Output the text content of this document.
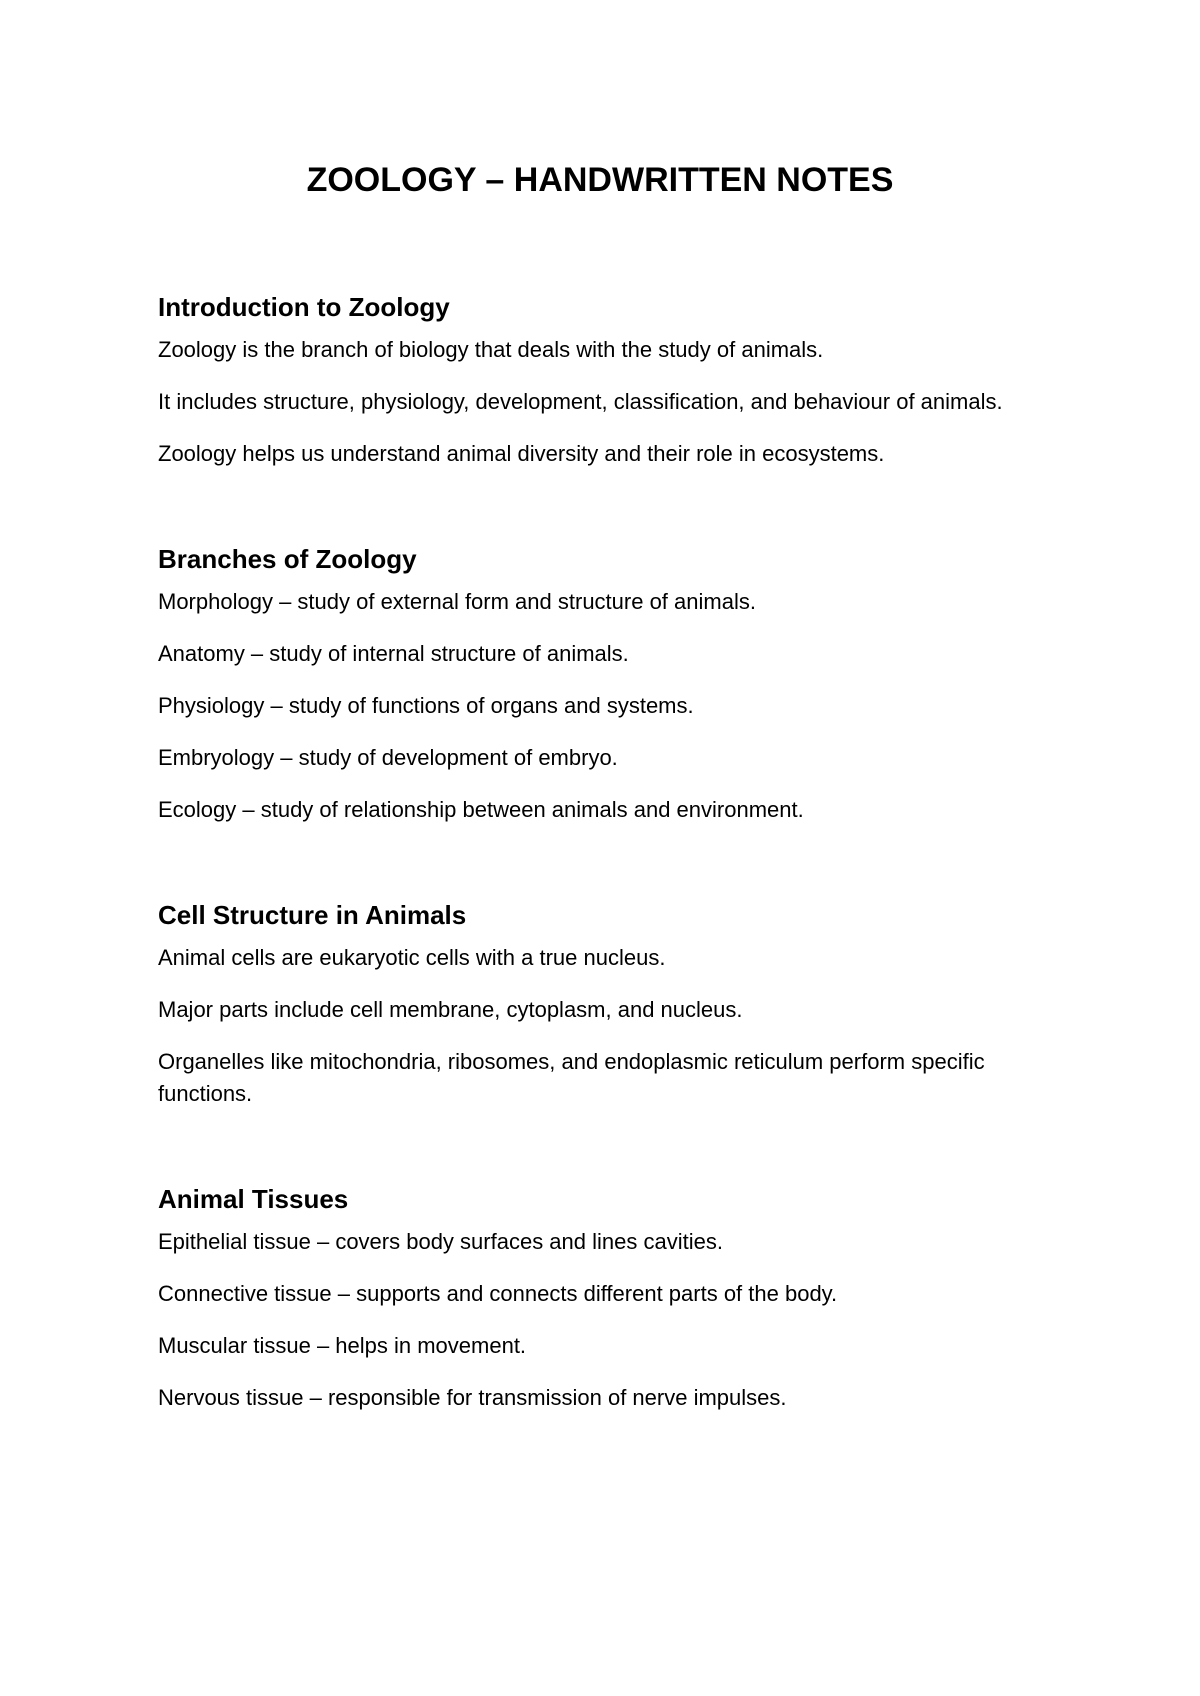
ZOOLOGY – HANDWRITTEN NOTES
Introduction to Zoology

Zoology is the branch of biology that deals with the study of animals.

It includes structure, physiology, development, classification, and behaviour of animals.

Zoology helps us understand animal diversity and their role in ecosystems.

Branches of Zoology

Morphology – study of external form and structure of animals.

Anatomy – study of internal structure of animals.

Physiology – study of functions of organs and systems.

Embryology – study of development of embryo.

Ecology – study of relationship between animals and environment.

Cell Structure in Animals

Animal cells are eukaryotic cells with a true nucleus.

Major parts include cell membrane, cytoplasm, and nucleus.

Organelles like mitochondria, ribosomes, and endoplasmic reticulum perform specific functions.

Animal Tissues

Epithelial tissue – covers body surfaces and lines cavities.

Connective tissue – supports and connects different parts of the body.

Muscular tissue – helps in movement.

Nervous tissue – responsible for transmission of nerve impulses.
